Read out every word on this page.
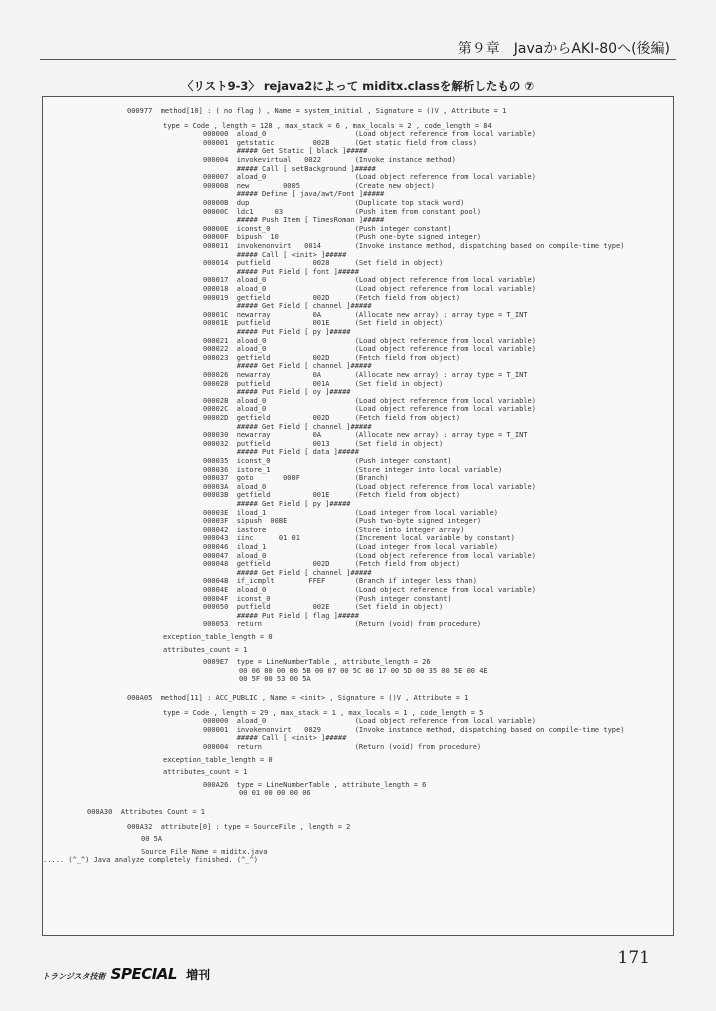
第９章　JavaからAKI-80へ(後編)
〈リスト9-3〉 rejava2によって miditx.classを解析したもの ⑦
000977  method[10] : ( no flag ) , Name = system_initial , Signature = ()V , Attribute = 1
type = Code , length = 128 , max_stack = 6 , max_locals = 2 , code_length = 84
000000  aload_0                     (Load object reference from local variable)
000001  getstatic         002B      (Get static field from class)
##### Get Static [ black ]#####
000004  invokevirtual   0022        (Invoke instance method)
##### Call [ setBackground ]#####
000007  aload_0                     (Load object reference from local variable)
000008  new        0005             (Create new object)
##### Define [ java/awt/Font ]#####
00000B  dup                         (Duplicate top stack word)
00000C  ldc1     03                 (Push item from constant pool)
##### Push Item [ TimesRoman ]#####
00000E  iconst_0                    (Push integer constant)
00000F  bipush  10                  (Push one-byte signed integer)
000011  invokenonvirt   0014        (Invoke instance method, dispatching based on compile-time type)
##### Call [ <init> ]#####
000014  putfield          0028      (Set field in object)
##### Put Field [ font ]#####
000017  aload_0                     (Load object reference from local variable)
000018  aload_0                     (Load object reference from local variable)
000019  getfield          002D      (Fetch field from object)
##### Get Field [ channel ]#####
00001C  newarray          0A        (Allocate new array) : array type = T_INT
00001E  putfield          001E      (Set field in object)
##### Put Field [ py ]#####
000021  aload_0                     (Load object reference from local variable)
000022  aload_0                     (Load object reference from local variable)
000023  getfield          002D      (Fetch field from object)
##### Get Field [ channel ]#####
000026  newarray          0A        (Allocate new array) : array type = T_INT
000028  putfield          001A      (Set field in object)
##### Put Field [ oy ]#####
00002B  aload_0                     (Load object reference from local variable)
00002C  aload_0                     (Load object reference from local variable)
00002D  getfield          002D      (Fetch field from object)
##### Get Field [ channel ]#####
000030  newarray          0A        (Allocate new array) : array type = T_INT
000032  putfield          0013      (Set field in object)
##### Put Field [ data ]#####
000035  iconst_0                    (Push integer constant)
000036  istore_1                    (Store integer into local variable)
000037  goto       000F             (Branch)
00003A  aload_0                     (Load object reference from local variable)
00003B  getfield          001E      (Fetch field from object)
##### Get Field [ py ]#####
00003E  iload_1                     (Load integer from local variable)
00003F  sipush  00BE                (Push two-byte signed integer)
000042  iastore                     (Store into integer array)
000043  iinc      01 01             (Increment local variable by constant)
000046  iload_1                     (Load integer from local variable)
000047  aload_0                     (Load object reference from local variable)
000048  getfield          002D      (Fetch field from object)
##### Get Field [ channel ]#####
00004B  if_icmplt        FFEF       (Branch if integer less than)
00004E  aload_0                     (Load object reference from local variable)
00004F  iconst_0                    (Push integer constant)
000050  putfield          002E      (Set field in object)
##### Put Field [ flag ]#####
000053  return                      (Return (void) from procedure)
exception_table_length = 0
attributes_count = 1
0009E7  type = LineNumberTable , attribute_length = 26
00 06 00 00 00 5B 00 07 00 5C 00 17 00 5D 00 35 00 5E 00 4E
00 5F 00 53 00 5A
000A05  method[11] : ACC_PUBLIC , Name = <init> , Signature = ()V , Attribute = 1
type = Code , length = 29 , max_stack = 1 , max_locals = 1 , code_length = 5
000000  aload_0                     (Load object reference from local variable)
000001  invokenonvirt   0029        (Invoke instance method, dispatching based on compile-time type)
##### Call [ <init> ]#####
000004  return                      (Return (void) from procedure)
exception_table_length = 0
attributes_count = 1
000A26  type = LineNumberTable , attribute_length = 6
00 01 00 00 00 06
000A30  Attributes Count = 1
000A32  attribute[0] : type = SourceFile , length = 2
00 5A
Source File Name = miditx.java
..... (^_^) Java analyze completely finished. (^_^)
トランジスタ技術 SPECIAL 増刊
171
